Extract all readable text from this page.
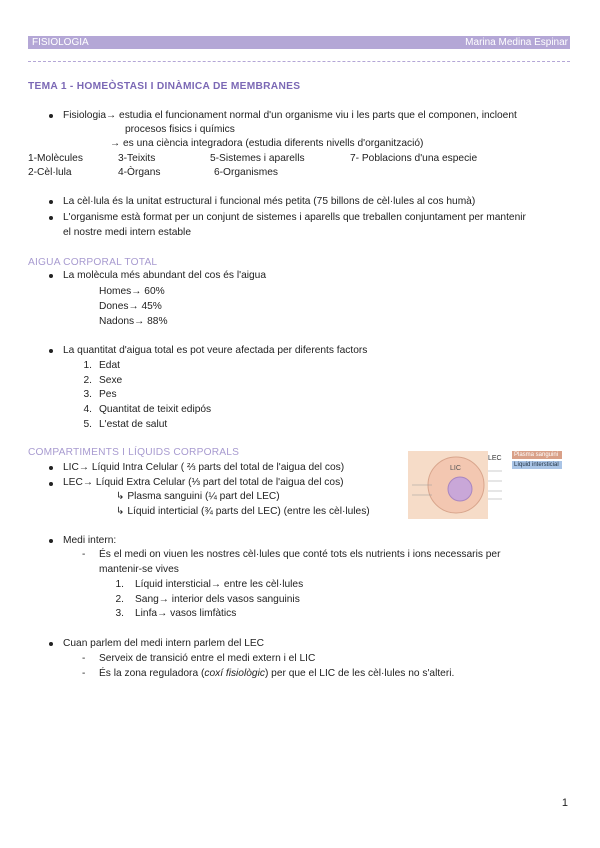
FISIOLOGIA	Marina Medina Espinar
TEMA 1 - HOMEÒSTASI I DINÀMICA DE MEMBRANES
Fisiologia→ estudia el funcionament normal d'un organisme viu i les parts que el componen, incloent
procesos fisics i químics
→ es una ciència integradora (estudia diferents nivells d'organització)
1-Molècules	3-Teixits	5-Sistemes i aparells	7- Poblacions d'una especie
2-Cèl·lula	4-Òrgans	6-Organismes
La cèl·lula és la unitat estructural i funcional més petita (75 billons de cèl·lules al cos humà)
L'organisme està format per un conjunt de sistemes i aparells que treballen conjuntament per mantenir
el nostre medi intern estable
AIGUA CORPORAL TOTAL
La molècula més abundant del cos és l'aigua
Homes→ 60%
Dones→ 45%
Nadons→ 88%
La quantitat d'aigua total es pot veure afectada per diferents factors
1. Edat
2. Sexe
3. Pes
4. Quantitat de teixit edipós
5. L'estat de salut
COMPARTIMENTS I LÍQUIDS CORPORALS
LIC→ Líquid Intra Celular ( ⅔ parts del total de l'aigua del cos)
LEC→ Líquid Extra Celular (⅓ part del total de l'aigua del cos)
↳ Plasma sanguini (¼ part del LEC)
↳ Líquid interticial (¾ parts del LEC) (entre les cèl·lules)
LIC
LEC	Plasma sanguini
Líquid intersticial
Medi intern:
- És el medi on viuen les nostres cèl·lules que conté tots els nutrients i ions necessaris per
mantenir-se vives
1. Líquid intersticial→ entre les cèl·lules
2. Sang→ interior dels vasos sanguinis
3. Linfa→ vasos limfàtics
Cuan parlem del medi intern parlem del LEC
- Serveix de transició entre el medi extern i el LIC
- És la zona reguladora (coxí fisiològic) per que el LIC de les cèl·lules no s'alteri.
1
